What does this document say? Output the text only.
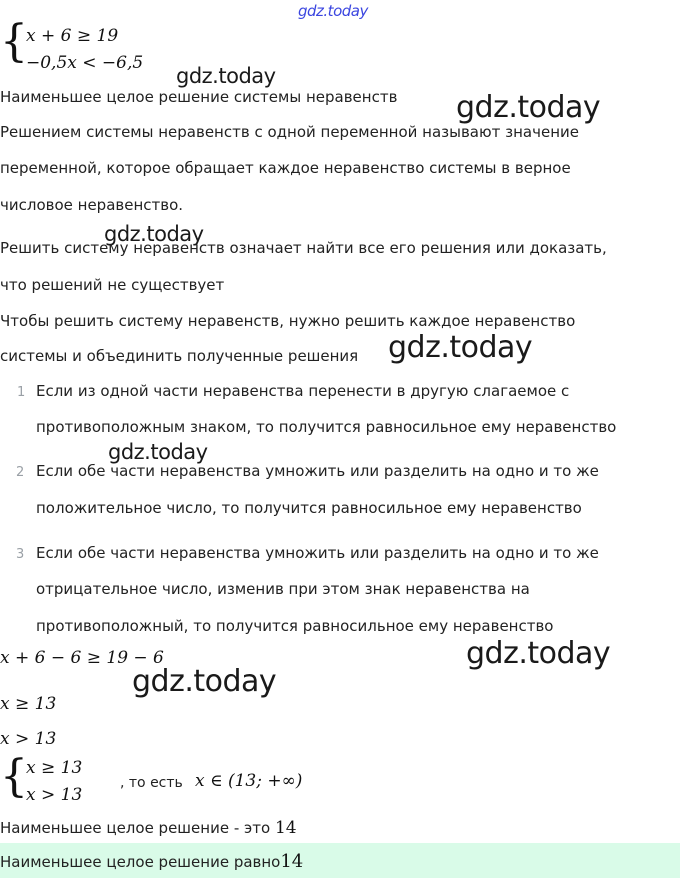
gdz.today
gdz.today
gdz.today
gdz.today
gdz.today
gdz.today
gdz.today
gdz.today
{
x + 6 ≥ 19
−0,5x < −6,5
Наименьшее целое решение системы неравенств
Решением системы неравенств с одной переменной называют значение
переменной, которое обращает каждое неравенство системы в верное
числовое неравенство.
Решить систему неравенств означает найти все его решения или доказать,
что решений не существует
Чтобы решить систему неравенств, нужно решить каждое неравенство
системы и объединить полученные решения
1 Если из одной части неравенства перенести в другую слагаемое с
противоположным знаком, то получится равносильное ему неравенство
2 Если обе части неравенства умножить или разделить на одно и то же
положительное число, то получится равносильное ему неравенство
3 Если обе части неравенства умножить или разделить на одно и то же
отрицательное число, изменив при этом знак неравенства на
противоположный, то получится равносильное ему неравенство
x + 6 − 6 ≥ 19 − 6
x ≥ 13
x > 13
{
x ≥ 13
x > 13
, то есть x ∈ (13; +∞)
Наименьшее целое решение - это 14
Наименьшее целое решение равно14
